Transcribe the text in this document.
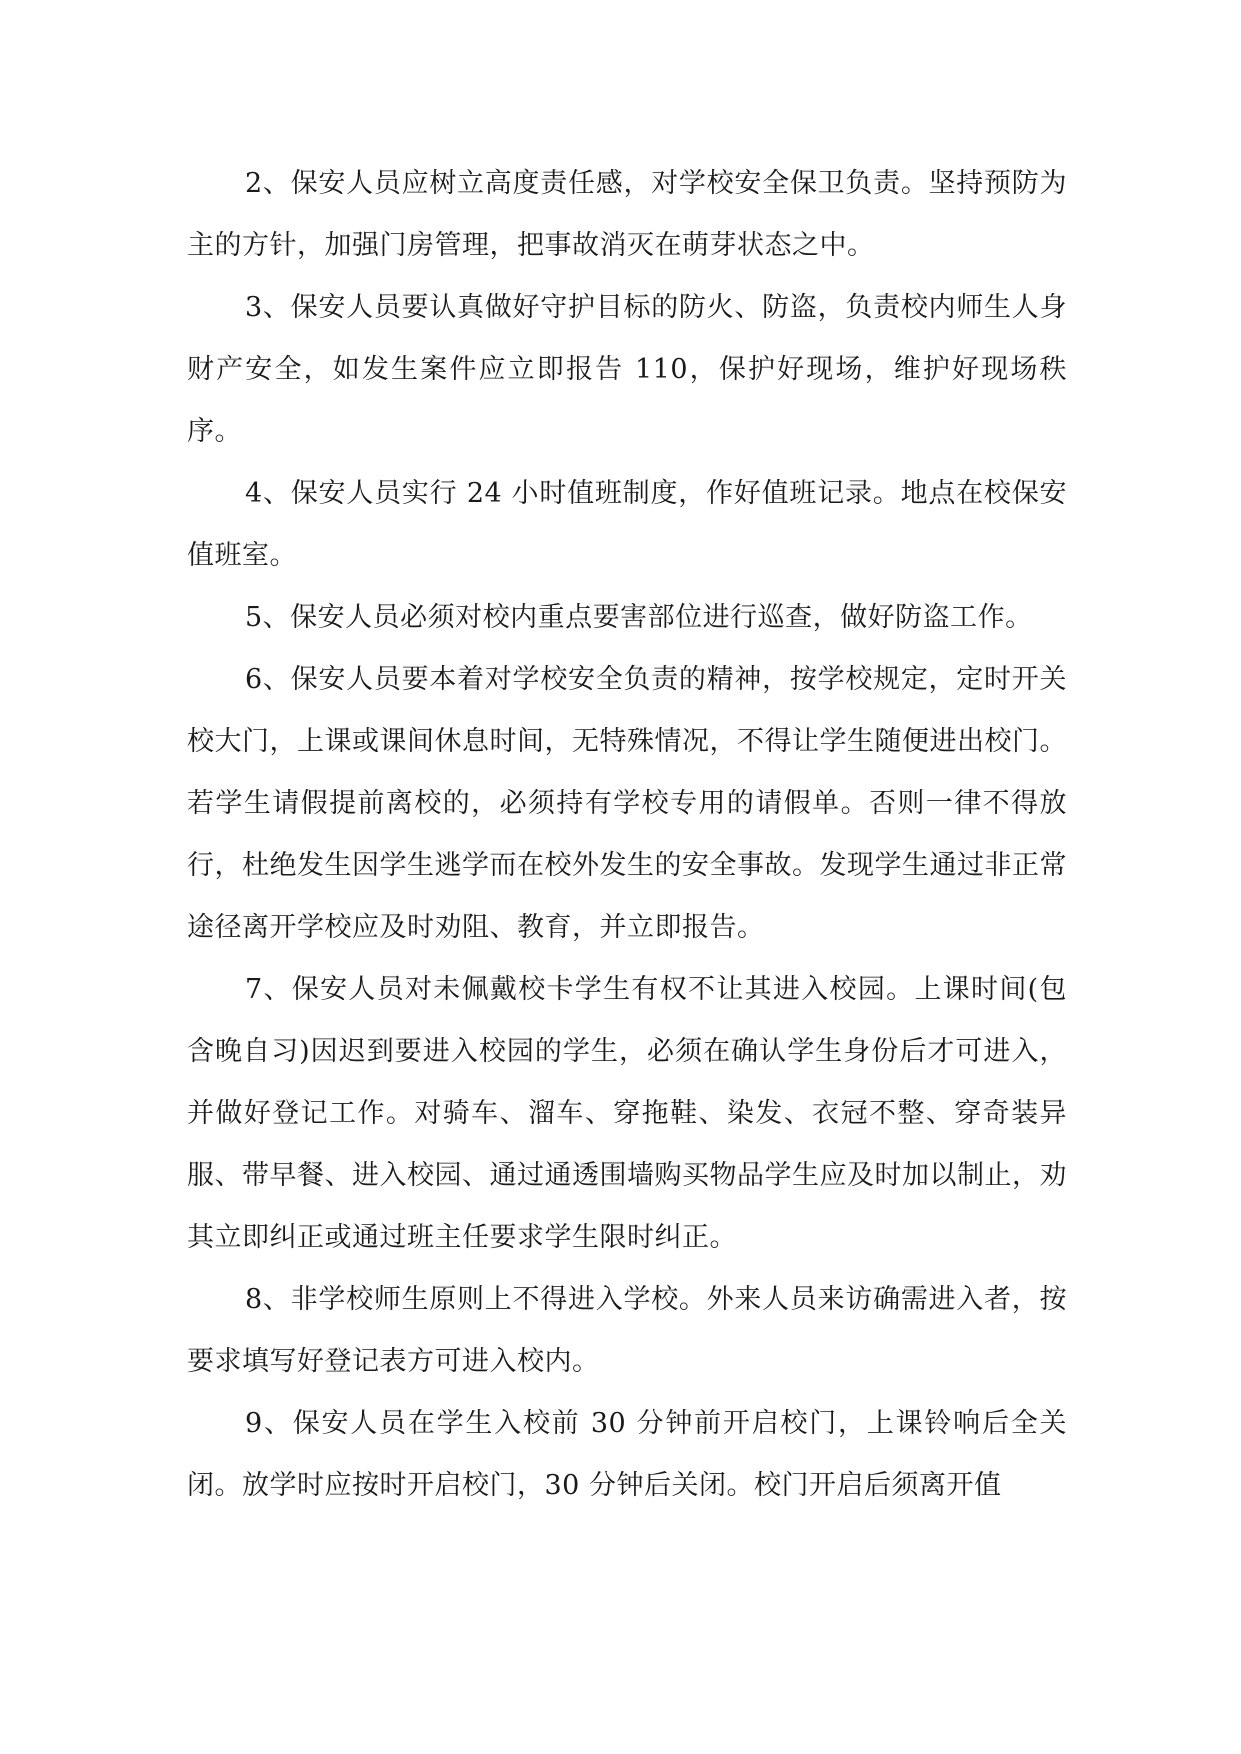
2、保安人员应树立高度责任感，对学校安全保卫负责。坚持预防为主的方针，加强门房管理，把事故消灭在萌芽状态之中。

3、保安人员要认真做好守护目标的防火、防盗，负责校内师生人身财产安全，如发生案件应立即报告 110，保护好现场，维护好现场秩序。

4、保安人员实行 24 小时值班制度，作好值班记录。地点在校保安值班室。

5、保安人员必须对校内重点要害部位进行巡查，做好防盗工作。

6、保安人员要本着对学校安全负责的精神，按学校规定，定时开关校大门，上课或课间休息时间，无特殊情况，不得让学生随便进出校门。若学生请假提前离校的，必须持有学校专用的请假单。否则一律不得放行，杜绝发生因学生逃学而在校外发生的安全事故。发现学生通过非正常途径离开学校应及时劝阻、教育，并立即报告。

7、保安人员对未佩戴校卡学生有权不让其进入校园。上课时间(包含晚自习)因迟到要进入校园的学生，必须在确认学生身份后才可进入，并做好登记工作。对骑车、溜车、穿拖鞋、染发、衣冠不整、穿奇装异服、带早餐、进入校园、通过通透围墙购买物品学生应及时加以制止，劝其立即纠正或通过班主任要求学生限时纠正。

8、非学校师生原则上不得进入学校。外来人员来访确需进入者，按要求填写好登记表方可进入校内。

9、保安人员在学生入校前 30 分钟前开启校门，上课铃响后全关闭。放学时应按时开启校门，30 分钟后关闭。校门开启后须离开值
